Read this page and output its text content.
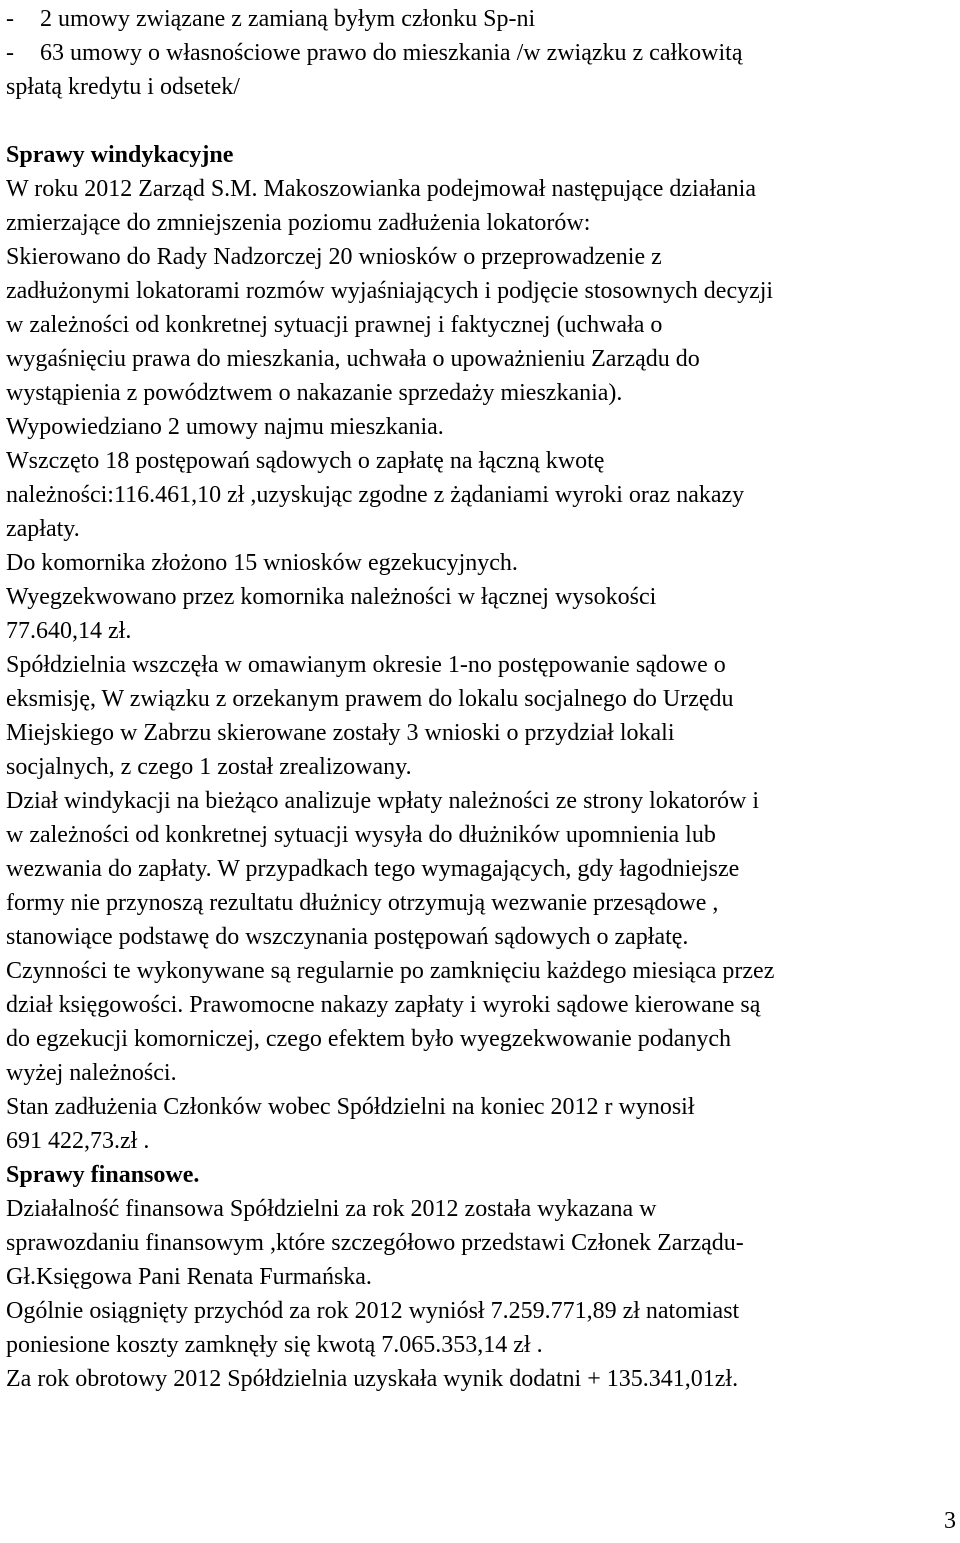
- 2 umowy związane z zamianą byłym członku Sp-ni
- 63 umowy o własnościowe prawo do mieszkania /w związku z całkowitą
spłatą kredytu i odsetek/
Sprawy windykacyjne
W roku 2012 Zarząd S.M. Makoszowianka podejmował następujące działania
zmierzające do zmniejszenia poziomu zadłużenia lokatorów:
Skierowano do Rady Nadzorczej 20 wniosków o przeprowadzenie z
zadłużonymi lokatorami rozmów wyjaśniających i podjęcie stosownych decyzji
w zależności od konkretnej sytuacji prawnej i faktycznej (uchwała o
wygaśnięciu prawa do mieszkania, uchwała o upoważnieniu Zarządu do
wystąpienia z powództwem o nakazanie sprzedaży mieszkania).
Wypowiedziano 2 umowy najmu mieszkania.
Wszczęto 18 postępowań sądowych o zapłatę na łączną kwotę
należności:116.461,10 zł ,uzyskując zgodne z żądaniami wyroki oraz nakazy
zapłaty.
Do komornika złożono 15 wniosków egzekucyjnych.
Wyegzekwowano przez komornika należności w łącznej wysokości
77.640,14 zł.
Spółdzielnia wszczęła w omawianym okresie 1-no postępowanie sądowe o
eksmisję, W związku z orzekanym prawem do lokalu socjalnego do Urzędu
Miejskiego w Zabrzu skierowane zostały 3 wnioski o przydział lokali
socjalnych, z czego 1 został zrealizowany.
Dział windykacji na bieżąco analizuje wpłaty należności ze strony lokatorów i
w zależności od konkretnej sytuacji wysyła do dłużników upomnienia lub
wezwania do zapłaty. W przypadkach tego wymagających, gdy łagodniejsze
formy nie przynoszą rezultatu dłużnicy otrzymują wezwanie przesądowe ,
stanowiące podstawę do wszczynania postępowań sądowych o zapłatę.
Czynności te wykonywane są regularnie po zamknięciu każdego miesiąca przez
dział księgowości. Prawomocne nakazy zapłaty i wyroki sądowe kierowane są
do egzekucji komorniczej, czego efektem było wyegzekwowanie podanych
wyżej należności.
Stan zadłużenia Członków wobec Spółdzielni na koniec 2012 r wynosił
691 422,73.zł .
Sprawy finansowe.
Działalność finansowa Spółdzielni za rok 2012 została wykazana w
sprawozdaniu finansowym ,które szczegółowo przedstawi Członek Zarządu-
Gł.Księgowa Pani Renata Furmańska.
Ogólnie osiągnięty przychód za rok 2012 wyniósł 7.259.771,89 zł natomiast
poniesione koszty zamknęły się kwotą 7.065.353,14 zł .
Za rok obrotowy 2012 Spółdzielnia uzyskała wynik dodatni + 135.341,01zł.
3
